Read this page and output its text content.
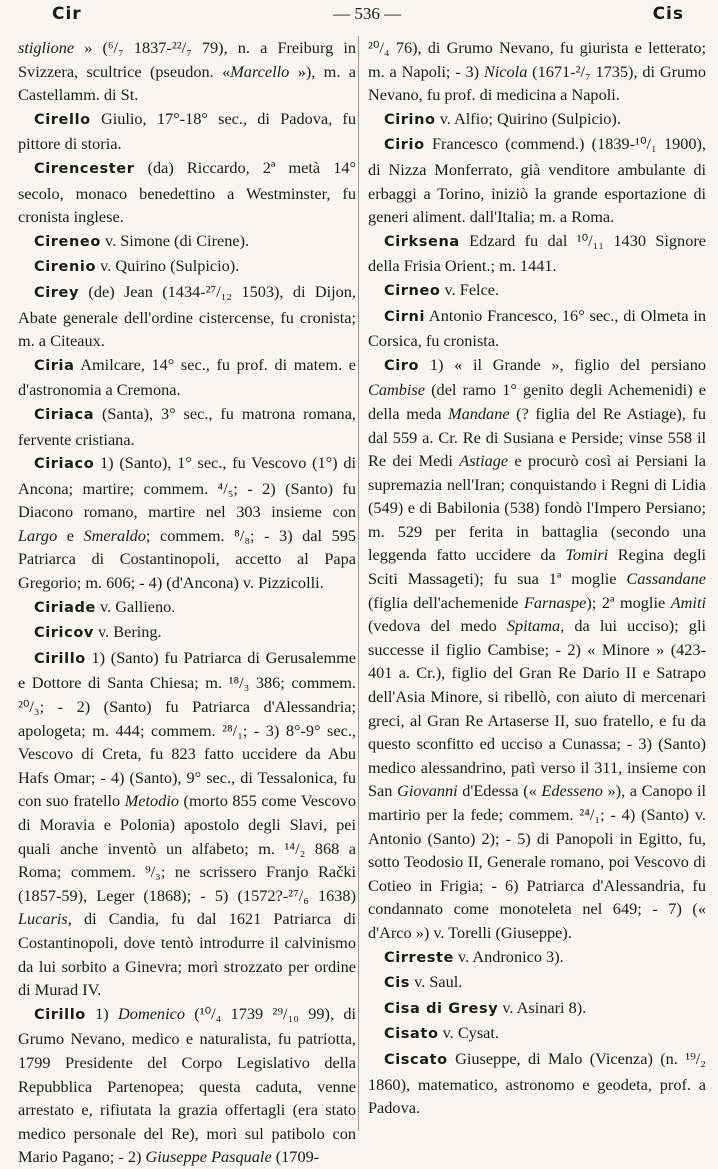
Cir	— 536 —	Cis

stiglione » (⁶/₇ 1837-²²/₇ 79), n. a Freiburg in Svizzera, scultrice (pseudon. «Marcello »), m. a Castellamm. di St.

Cirello Giulio, 17°-18° sec., di Padova, fu pittore di storia.

Cirencester (da) Riccardo, 2ª metà 14° secolo, monaco benedettino a Westminster, fu cronista inglese.

Cireneo v. Simone (di Cirene).

Cirenio v. Quirino (Sulpicio).

Cirey (de) Jean (1434-²⁷/₁₂ 1503), di Dijon, Abate generale dell'ordine cistercense, fu cronista; m. a Citeaux.

Ciria Amilcare, 14° sec., fu prof. di matem. e d'astronomia a Cremona.

Ciriaca (Santa), 3° sec., fu matrona romana, fervente cristiana.

Ciriaco 1) (Santo), 1° sec., fu Vescovo (1°) di Ancona; martire; commem. ⁴/₅; - 2) (Santo) fu Diacono romano, martire nel 303 insieme con Largo e Smeraldo; commem. ⁸/₈; - 3) dal 595 Patriarca di Costantinopoli, accetto al Papa Gregorio; m. 606; - 4) (d'Ancona) v. Pizzicolli.

Ciriade v. Gallieno.

Ciricov v. Bering.

Cirillo 1) (Santo) fu Patriarca di Gerusalemme e Dottore di Santa Chiesa; m. ¹⁸/₃ 386; commem. ²⁰/₃; - 2) (Santo) fu Patriarca d'Alessandria; apologeta; m. 444; commem. ²⁸/₁; - 3) 8°-9° sec., Vescovo di Creta, fu 823 fatto uccidere da Abu Hafs Omar; - 4) (Santo), 9° sec., di Tessalonica, fu con suo fratello Metodio (morto 855 come Vescovo di Moravia e Polonia) apostolo degli Slavi, pei quali anche inventò un alfabeto; m. ¹⁴/₂ 868 a Roma; commem. ⁹/₃; ne scrissero Franjo Rački (1857-59), Leger (1868); - 5) (1572?-²⁷/₆ 1638) Lucaris, di Candia, fu dal 1621 Patriarca di Costantinopoli, dove tentò introdurre il calvinismo da lui sorbito a Ginevra; morì strozzato per ordine di Murad IV.

Cirillo 1) Domenico (¹⁰/₄ 1739 ²⁹/₁₀ 99), di Grumo Nevano, medico e naturalista, fu patriotta, 1799 Presidente del Corpo Legislativo della Repubblica Partenopea; questa caduta, venne arrestato e, rifiutata la grazia offertagli (era stato medico personale del Re), morì sul patibolo con Mario Pagano; - 2) Giuseppe Pasquale (1709-

²⁰/₄ 76), di Grumo Nevano, fu giurista e letterato; m. a Napoli; - 3) Nicola (1671-²/₇ 1735), di Grumo Nevano, fu prof. di medicina a Napoli.

Cirino v. Alfio; Quirino (Sulpicio).

Cirio Francesco (commend.) (1839-¹⁰/₁ 1900), di Nizza Monferrato, già venditore ambulante di erbaggi a Torino, iniziò la grande esportazione di generi aliment. dall'Italia; m. a Roma.

Cirksena Edzard fu dal ¹⁰/₁₁ 1430 Signore della Frisia Orient.; m. 1441.

Cirneo v. Felce.

Cirni Antonio Francesco, 16° sec., di Olmeta in Corsica, fu cronista.

Ciro 1) « il Grande », figlio del persiano Cambise (del ramo 1° genito degli Achemenidi) e della meda Mandane (? figlia del Re Astiage), fu dal 559 a. Cr. Re di Susiana e Perside; vinse 558 il Re dei Medi Astiage e procurò così ai Persiani la supremazia nell'Iran; conquistando i Regni di Lidia (549) e di Babilonia (538) fondò l'Impero Persiano; m. 529 per ferita in battaglia (secondo una leggenda fatto uccidere da Tomiri Regina degli Sciti Massageti); fu sua 1ª moglie Cassandane (figlia dell'achemenide Farnaspe); 2ª moglie Amiti (vedova del medo Spitama, da lui ucciso); gli successe il figlio Cambise; - 2) « Minore » (423-401 a. Cr.), figlio del Gran Re Dario II e Satrapo dell'Asia Minore, si ribellò, con aiuto di mercenari greci, al Gran Re Artaserse II, suo fratello, e fu da questo sconfitto ed ucciso a Cunassa; - 3) (Santo) medico alessandrino, patì verso il 311, insieme con San Giovanni d'Edessa (« Edesseno »), a Canopo il martirio per la fede; commem. ²⁴/₁; - 4) (Santo) v. Antonio (Santo) 2); - 5) di Panopoli in Egitto, fu, sotto Teodosio II, Generale romano, poi Vescovo di Cotieo in Frigia; - 6) Patriarca d'Alessandria, fu condannato come monoteleta nel 649; - 7) (« d'Arco ») v. Torelli (Giuseppe).

Cirreste v. Andronico 3).

Cis v. Saul.

Cisa di Gresy v. Asinari 8).

Cisato v. Cysat.

Ciscato Giuseppe, di Malo (Vicenza) (n. ¹⁹/₂ 1860), matematico, astronomo e geodeta, prof. a Padova.
